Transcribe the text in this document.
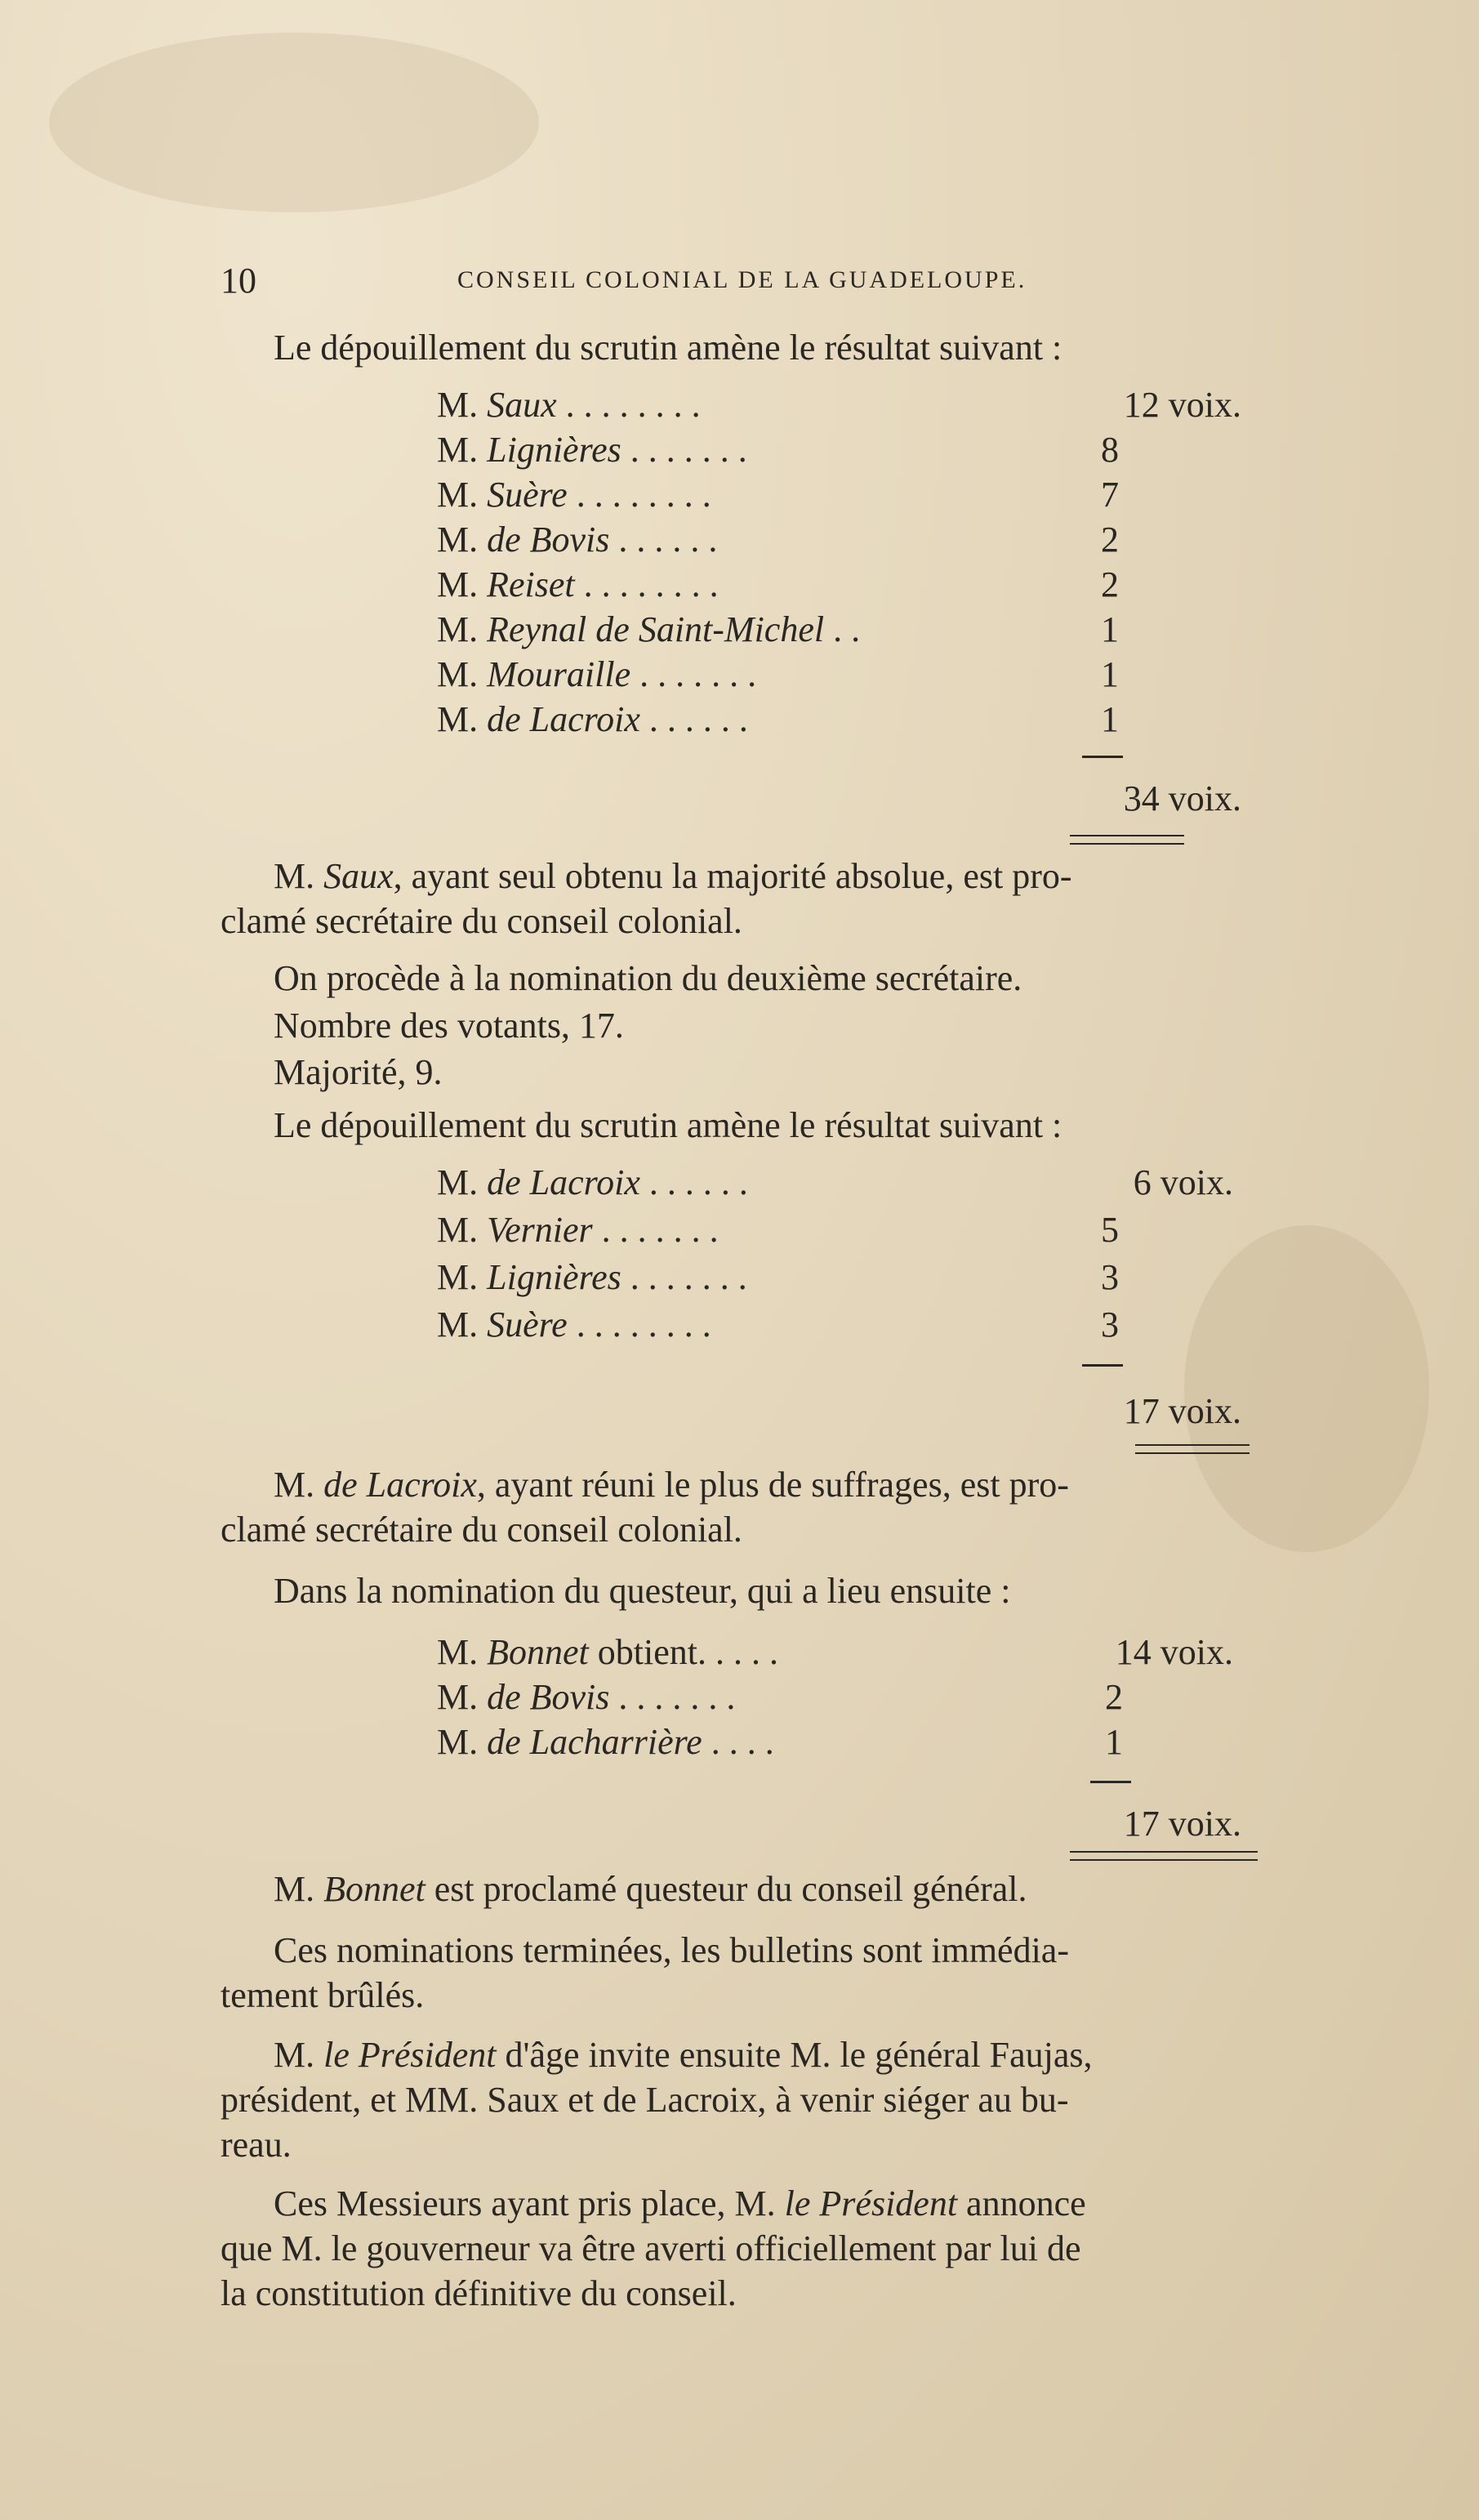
10	CONSEIL COLONIAL DE LA GUADELOUPE.
Le dépouillement du scrutin amène le résultat suivant :
M. Saux . . . . . . . .	12 voix.
M. Lignières . . . . . . .	8
M. Suère . . . . . . . .	7
M. de Bovis . . . . . .	2
M. Reiset . . . . . . . .	2
M. Reynal de Saint-Michel . .	1
M. Mouraille . . . . . . .	1
M. de Lacroix . . . . . .	1
34 voix.
M. Saux, ayant seul obtenu la majorité absolue, est pro-
clamé secrétaire du conseil colonial.
On procède à la nomination du deuxième secrétaire.
Nombre des votants, 17.
Majorité, 9.
Le dépouillement du scrutin amène le résultat suivant :
M. de Lacroix . . . . . .	6 voix.
M. Vernier . . . . . . .	5
M. Lignières . . . . . . .	3
M. Suère . . . . . . . .	3
17 voix.
M. de Lacroix, ayant réuni le plus de suffrages, est pro-
clamé secrétaire du conseil colonial.
Dans la nomination du questeur, qui a lieu ensuite :
M. Bonnet obtient. . . . .	14 voix.
M. de Bovis . . . . . . .	2
M. de Lacharrière . . . .	1
17 voix.
M. Bonnet est proclamé questeur du conseil général.
Ces nominations terminées, les bulletins sont immédia-
tement brûlés.
M. le Président d'âge invite ensuite M. le général Faujas,
président, et MM. Saux et de Lacroix, à venir siéger au bu-
reau.
Ces Messieurs ayant pris place, M. le Président annonce
que M. le gouverneur va être averti officiellement par lui de
la constitution définitive du conseil.
